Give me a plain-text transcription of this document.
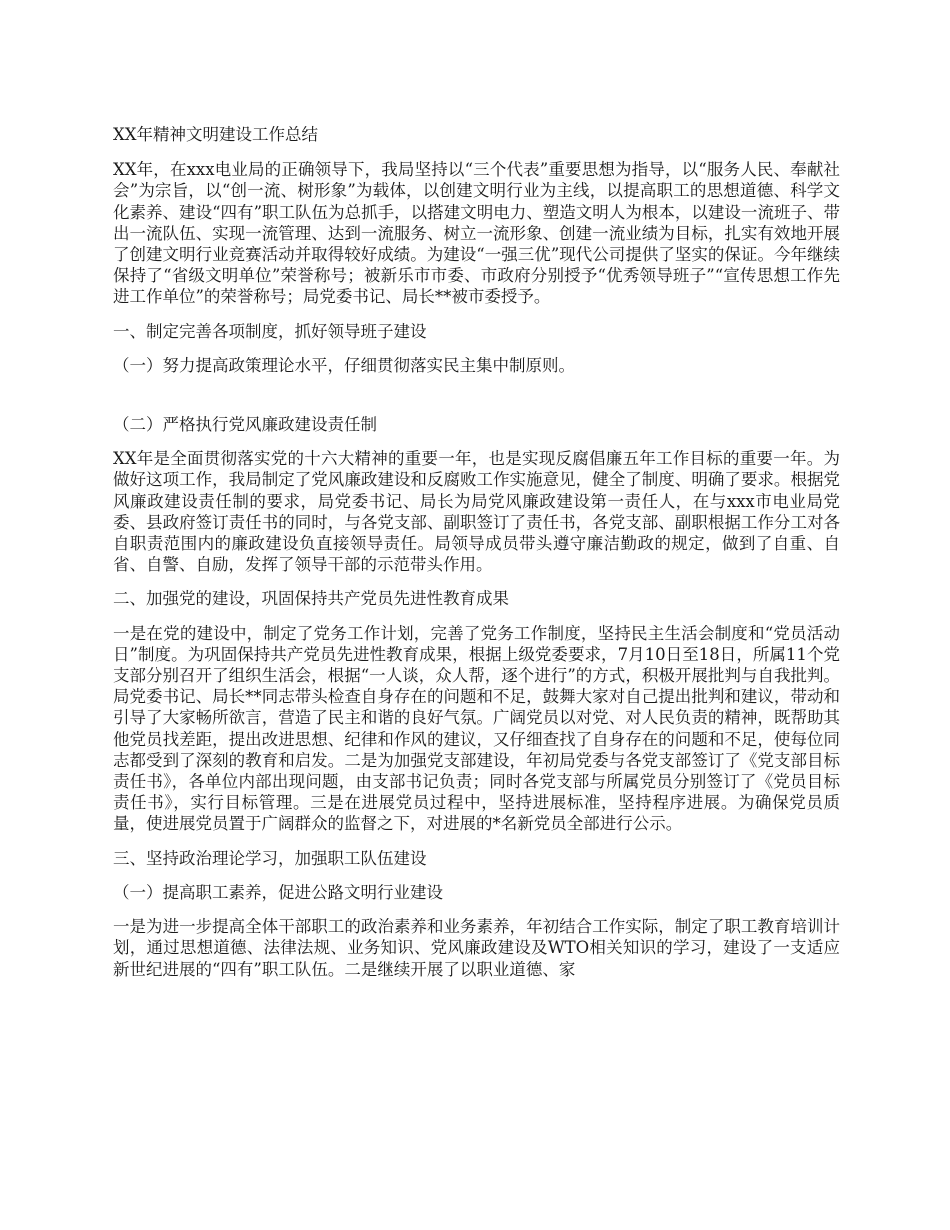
XX年精神文明建设工作总结

XX年，在xxx电业局的正确领导下，我局坚持以“三个代表”重要思想为指导，以“服务人民、奉献社会”为宗旨，以“创一流、树形象”为载体，以创建文明行业为主线，以提高职工的思想道德、科学文化素养、建设“四有”职工队伍为总抓手，以搭建文明电力、塑造文明人为根本，以建设一流班子、带出一流队伍、实现一流管理、达到一流服务、树立一流形象、创建一流业绩为目标，扎实有效地开展了创建文明行业竞赛活动并取得较好成绩。为建设“一强三优”现代公司提供了坚实的保证。今年继续保持了“省级文明单位”荣誉称号；被新乐市市委、市政府分别授予“优秀领导班子”“宣传思想工作先进工作单位”的荣誉称号；局党委书记、局长**被市委授予。

一、制定完善各项制度，抓好领导班子建设
（一）努力提高政策理论水平，仔细贯彻落实民主集中制原则。
（二）严格执行党风廉政建设责任制

XX年是全面贯彻落实党的十六大精神的重要一年，也是实现反腐倡廉五年工作目标的重要一年。为做好这项工作，我局制定了党风廉政建设和反腐败工作实施意见，健全了制度、明确了要求。根据党风廉政建设责任制的要求，局党委书记、局长为局党风廉政建设第一责任人，在与xxx市电业局党委、县政府签订责任书的同时，与各党支部、副职签订了责任书，各党支部、副职根据工作分工对各自职责范围内的廉政建设负直接领导责任。局领导成员带头遵守廉洁勤政的规定，做到了自重、自省、自警、自励，发挥了领导干部的示范带头作用。

二、加强党的建设，巩固保持共产党员先进性教育成果

一是在党的建设中，制定了党务工作计划，完善了党务工作制度，坚持民主生活会制度和“党员活动日”制度。为巩固保持共产党员先进性教育成果，根据上级党委要求，7月10日至18日，所属11个党支部分别召开了组织生活会，根据“一人谈，众人帮，逐个进行”的方式，积极开展批判与自我批判。局党委书记、局长**同志带头检查自身存在的问题和不足，鼓舞大家对自己提出批判和建议，带动和引导了大家畅所欲言，营造了民主和谐的良好气氛。广阔党员以对党、对人民负责的精神，既帮助其他党员找差距，提出改进思想、纪律和作风的建议，又仔细查找了自身存在的问题和不足，使每位同志都受到了深刻的教育和启发。二是为加强党支部建设，年初局党委与各党支部签订了《党支部目标责任书》，各单位内部出现问题，由支部书记负责；同时各党支部与所属党员分别签订了《党员目标责任书》，实行目标管理。三是在进展党员过程中，坚持进展标准，坚持程序进展。为确保党员质量，使进展党员置于广阔群众的监督之下，对进展的*名新党员全部进行公示。

三、坚持政治理论学习，加强职工队伍建设
（一）提高职工素养，促进公路文明行业建设

一是为进一步提高全体干部职工的政治素养和业务素养，年初结合工作实际，制定了职工教育培训计划，通过思想道德、法律法规、业务知识、党风廉政建设及WTO相关知识的学习，建设了一支适应新世纪进展的“四有”职工队伍。二是继续开展了以职业道德、家
